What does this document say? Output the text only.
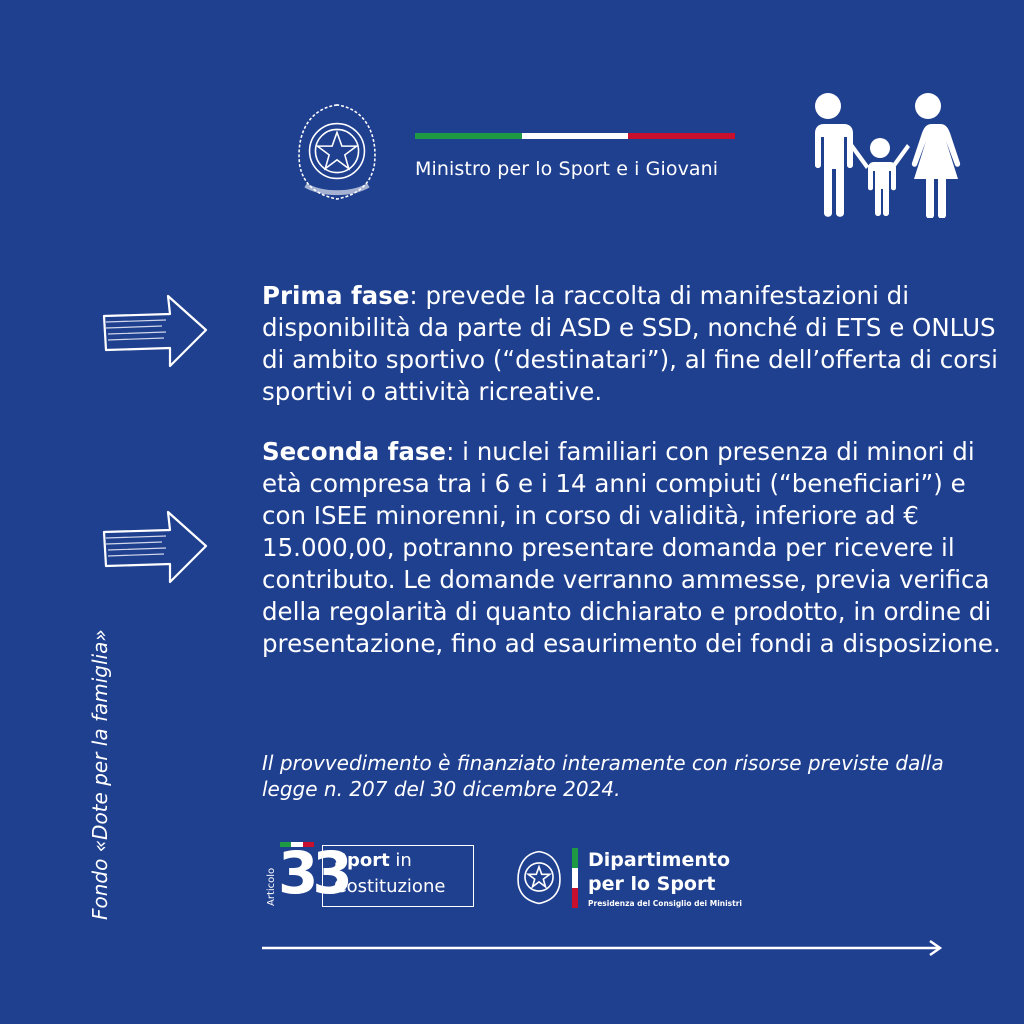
Ministro per lo Sport e i Giovani
Prima fase: prevede la raccolta di manifestazioni di disponibilità da parte di ASD e SSD, nonché di ETS e ONLUS di ambito sportivo (“destinatari”), al fine dell’offerta di corsi sportivi o attività ricreative.
Seconda fase: i nuclei familiari con presenza di minori di età compresa tra i 6 e i 14 anni compiuti (“beneficiari”) e con ISEE minorenni, in corso di validità, inferiore ad € 15.000,00, potranno presentare domanda per ricevere il contributo. Le domande verranno ammesse, previa verifica della regolarità di quanto dichiarato e prodotto, in ordine di presentazione, fino ad esaurimento dei fondi a disposizione.
Il provvedimento è finanziato interamente con risorse previste dalla legge n. 207 del 30 dicembre 2024.
Fondo «Dote per la famiglia»	Articolo 33
Sport in
Costituzione
Dipartimento
per lo Sport
Presidenza del Consiglio dei Ministri
